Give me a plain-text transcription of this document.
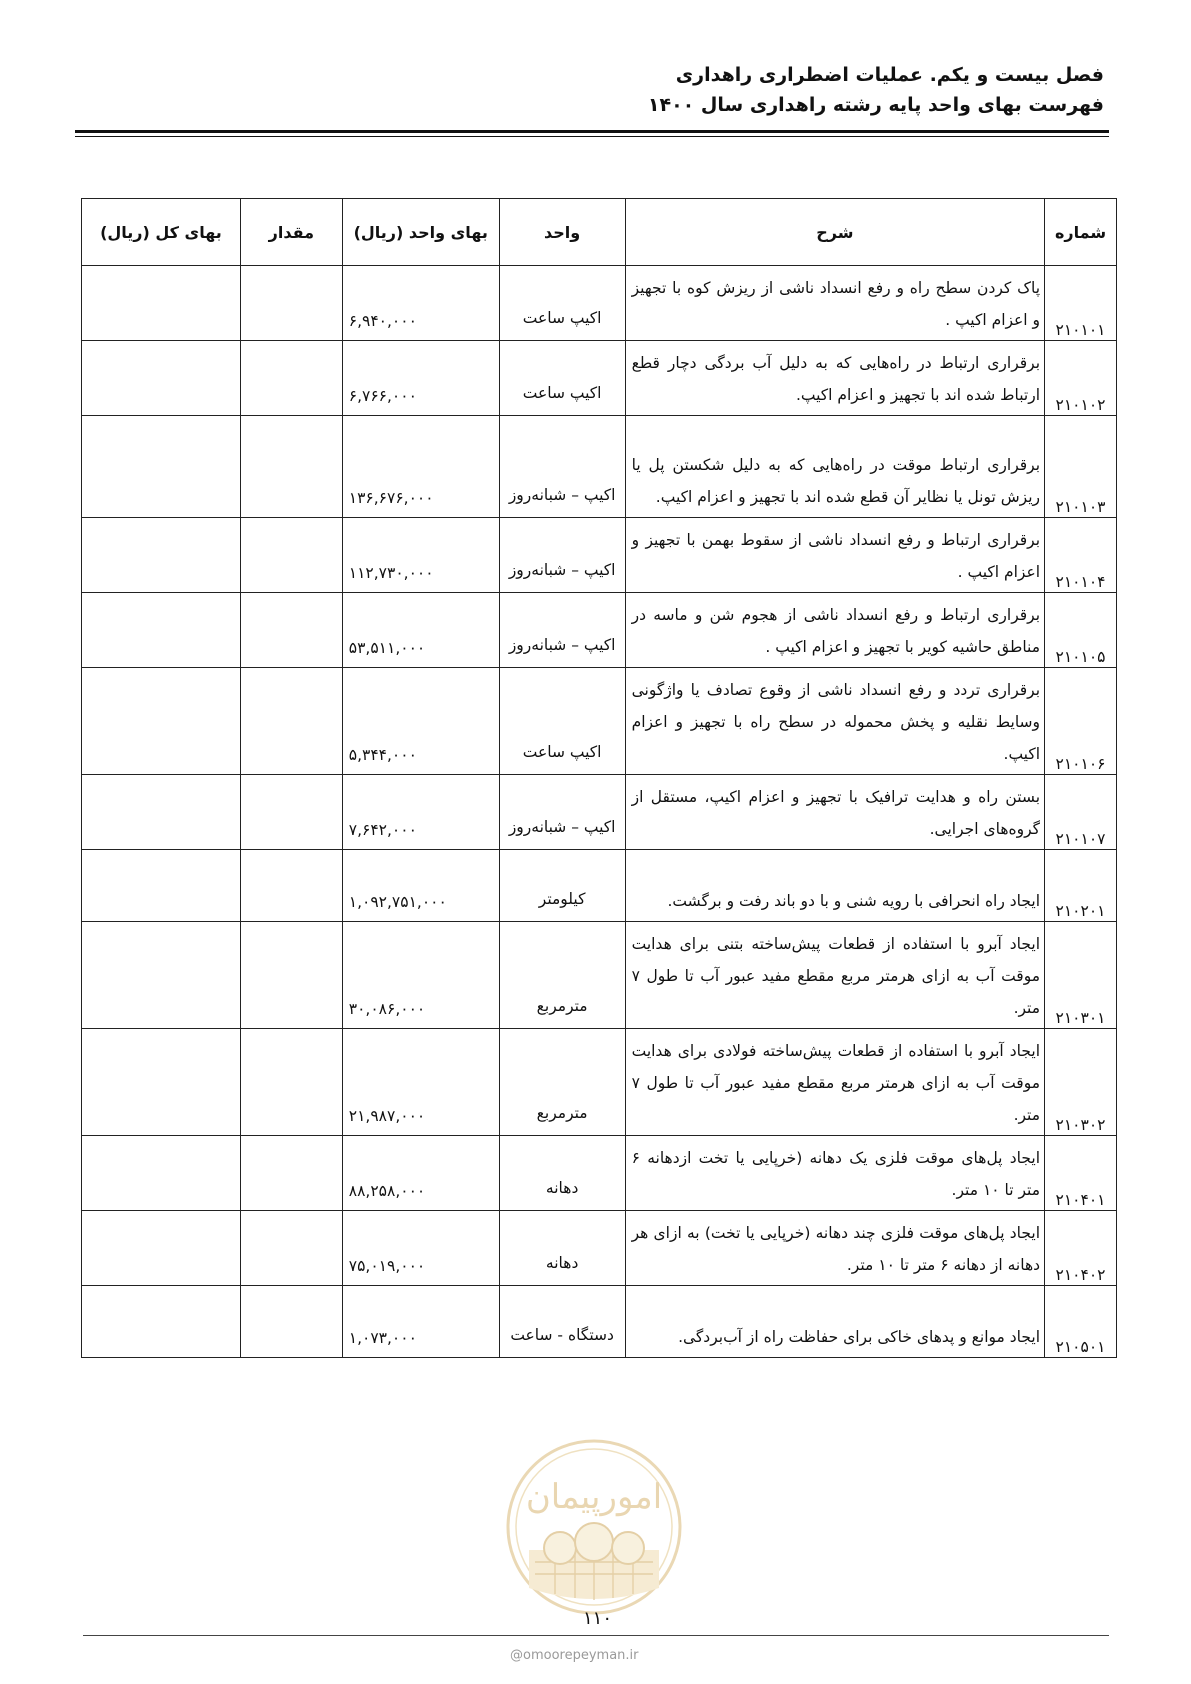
فصل بیست و یکم. عملیات اضطراری راهداری
فهرست بهای واحد پایه رشته راهداری سال ۱۴۰۰
شماره	شرح	واحد	بهای واحد (ریال)	مقدار	بهای کل (ریال)
۲۱۰۱۰۱	پاک کردن سطح راه و رفع انسداد ناشی از ریزش کوه با تجهیز و اعزام اکیپ .	اکیپ ساعت	۶,۹۴۰,۰۰۰		
۲۱۰۱۰۲	برقراری ارتباط در راه‌هایی که به دلیل آب بردگی دچار قطع ارتباط شده اند با تجهیز و اعزام اکیپ.	اکیپ ساعت	۶,۷۶۶,۰۰۰		
۲۱۰۱۰۳	برقراری ارتباط موقت در راه‌هایی که به دلیل شکستن پل یا ریزش تونل یا نظایر آن قطع شده اند با تجهیز و اعزام اکیپ.	اکیپ – شبانه‌روز	۱۳۶,۶۷۶,۰۰۰		
۲۱۰۱۰۴	برقراری ارتباط و رفع انسداد ناشی از سقوط بهمن با تجهیز و اعزام اکیپ .	اکیپ – شبانه‌روز	۱۱۲,۷۳۰,۰۰۰		
۲۱۰۱۰۵	برقراری ارتباط و رفع انسداد ناشی از هجوم شن و ماسه در مناطق حاشیه کویر با تجهیز و اعزام اکیپ .	اکیپ – شبانه‌روز	۵۳,۵۱۱,۰۰۰		
۲۱۰۱۰۶	برقراری تردد و رفع انسداد ناشی از وقوع تصادف یا واژگونی وسایط نقلیه و پخش محموله در سطح راه با تجهیز و اعزام اکیپ.	اکیپ ساعت	۵,۳۴۴,۰۰۰		
۲۱۰۱۰۷	بستن راه و هدایت ترافیک با تجهیز و اعزام اکیپ، مستقل از گروه‌های اجرایی.	اکیپ – شبانه‌روز	۷,۶۴۲,۰۰۰		
۲۱۰۲۰۱	ایجاد راه انحرافی با رویه شنی و با دو باند رفت و برگشت.	کیلومتر	۱,۰۹۲,۷۵۱,۰۰۰		
۲۱۰۳۰۱	ایجاد آبرو با استفاده از قطعات پیش‌ساخته بتنی برای هدایت موقت آب به ازای هرمتر مربع مقطع مفید عبور آب تا طول ۷ متر.	مترمربع	۳۰,۰۸۶,۰۰۰		
۲۱۰۳۰۲	ایجاد آبرو با استفاده از قطعات پیش‌ساخته فولادی برای هدایت موقت آب به ازای هرمتر مربع مقطع مفید عبور آب تا طول ۷ متر.	مترمربع	۲۱,۹۸۷,۰۰۰		
۲۱۰۴۰۱	ایجاد پل‌های موقت فلزی یک دهانه (خرپایی یا تخت ازدهانه ۶ متر تا ۱۰ متر.	دهانه	۸۸,۲۵۸,۰۰۰		
۲۱۰۴۰۲	ایجاد پل‌های موقت فلزی چند دهانه (خرپایی یا تخت) به ازای هر دهانه از دهانه ۶ متر تا ۱۰ متر.	دهانه	۷۵,۰۱۹,۰۰۰		
۲۱۰۵۰۱	ایجاد موانع و پدهای خاکی برای حفاظت راه از آب‌بردگی.	دستگاه - ساعت	۱,۰۷۳,۰۰۰		
امورپیمان
۱۱۰
@omoorepeyman.ir
